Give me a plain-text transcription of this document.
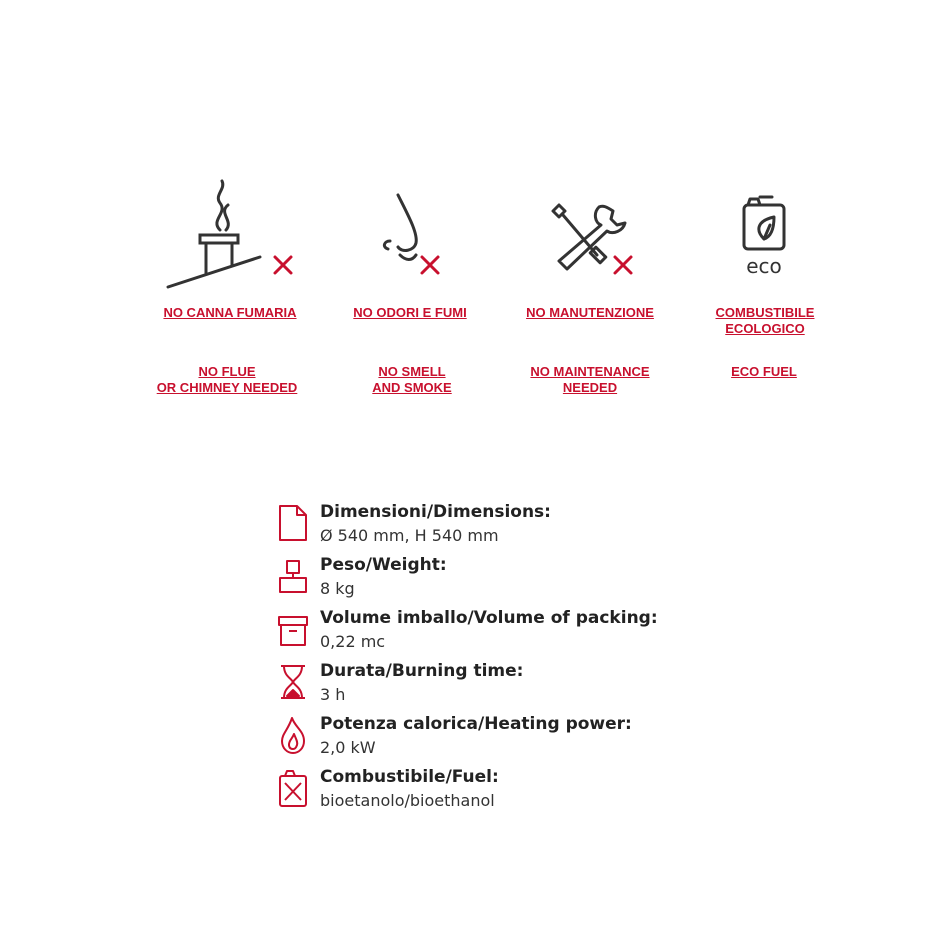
eco
NO CANNA FUMARIA	NO ODORI E FUMI	NO MANUTENZIONE	COMBUSTIBILE
ECOLOGICO
NO FLUE
OR CHIMNEY NEEDED
NO SMELL
AND SMOKE
NO MAINTENANCE
NEEDED
ECO FUEL
Dimensioni/Dimensions:
Ø 540 mm, H 540 mm
Peso/Weight:
8 kg
Volume imballo/Volume of packing:
0,22 mc
Durata/Burning time:
3 h
Potenza calorica/Heating power:
2,0 kW
Combustibile/Fuel:
bioetanolo/bioethanol
